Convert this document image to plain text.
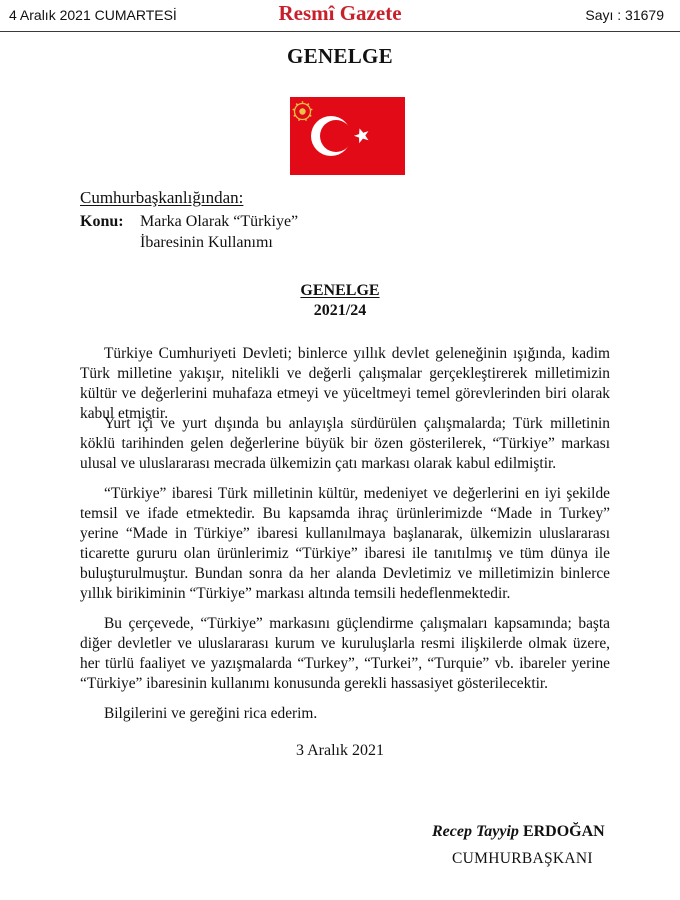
4 Aralık 2021 CUMARTESİ	Resmî Gazete	Sayı : 31679
GENELGE
Cumhurbaşkanlığından:
Konu: Marka Olarak “Türkiye”
İbaresinin Kullanımı
GENELGE
2021/24

Türkiye Cumhuriyeti Devleti; binlerce yıllık devlet geleneğinin ışığında, kadim Türk milletine yakışır, nitelikli ve değerli çalışmalar gerçekleştirerek milletimizin kültür ve değerlerini muhafaza etmeyi ve yüceltmeyi temel görevlerinden biri olarak kabul etmiştir.

Yurt içi ve yurt dışında bu anlayışla sürdürülen çalışmalarda; Türk milletinin köklü tarihinden gelen değerlerine büyük bir özen gösterilerek, “Türkiye” markası ulusal ve uluslararası mecrada ülkemizin çatı markası olarak kabul edilmiştir.

“Türkiye” ibaresi Türk milletinin kültür, medeniyet ve değerlerini en iyi şekilde temsil ve ifade etmektedir. Bu kapsamda ihraç ürünlerimizde “Made in Turkey” yerine “Made in Türkiye” ibaresi kullanılmaya başlanarak, ülkemizin uluslararası ticarette gururu olan ürünlerimiz “Türkiye” ibaresi ile tanıtılmış ve tüm dünya ile buluşturulmuştur. Bundan sonra da her alanda Devletimiz ve milletimizin binlerce yıllık birikiminin “Türkiye” markası altında temsili hedeflenmektedir.

Bu çerçevede, “Türkiye” markasını güçlendirme çalışmaları kapsamında; başta diğer devletler ve uluslararası kurum ve kuruluşlarla resmi ilişkilerde olmak üzere, her türlü faaliyet ve yazışmalarda “Turkey”, “Turkei”, “Turquie” vb. ibareler yerine “Türkiye” ibaresinin kullanımı konusunda gerekli hassasiyet gösterilecektir.

Bilgilerini ve gereğini rica ederim.

3 Aralık 2021
Recep Tayyip ERDOĞAN
CUMHURBAŞKANI
